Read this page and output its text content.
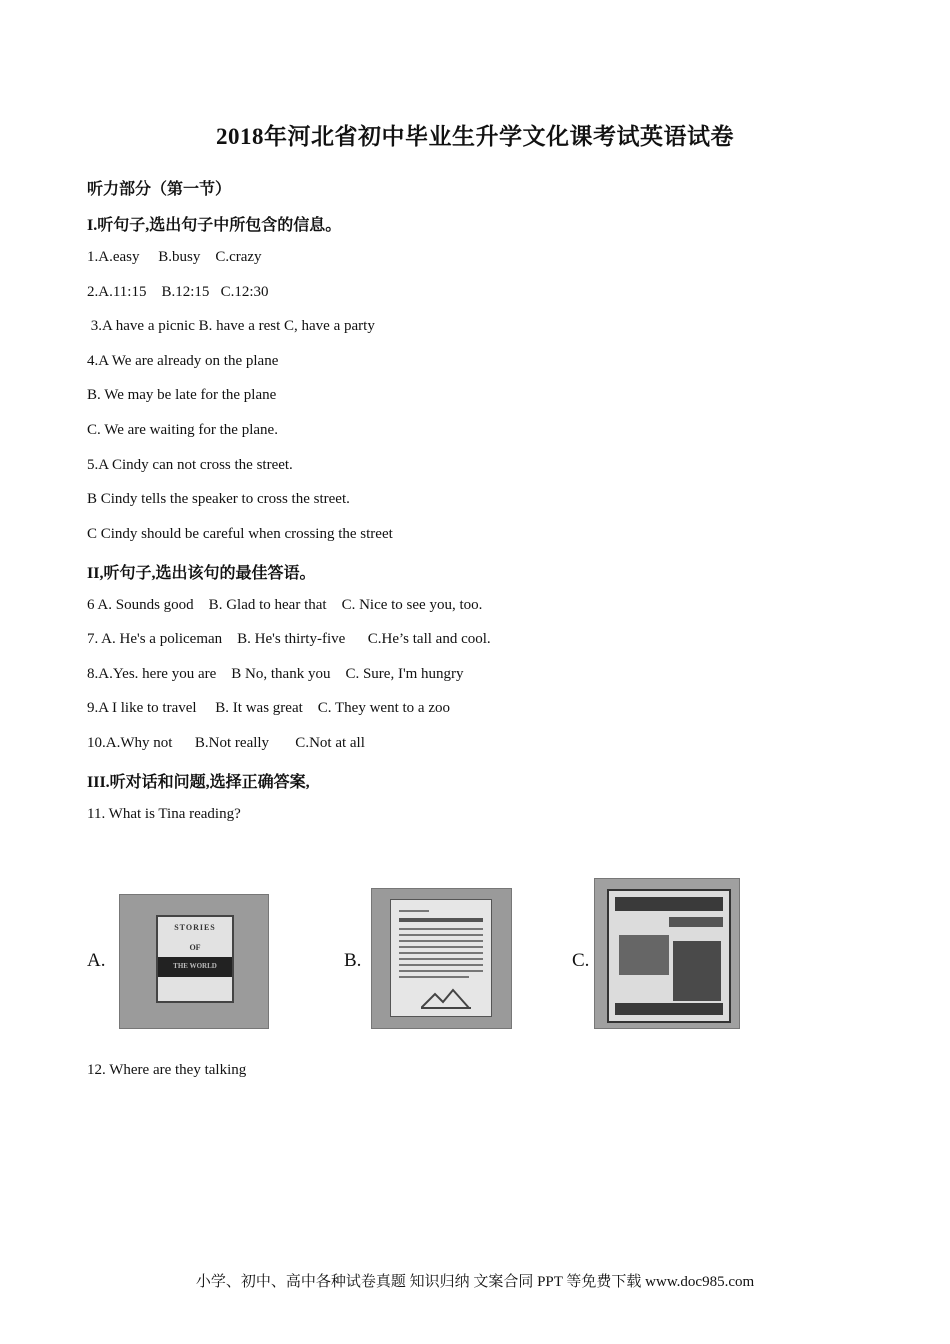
2018年河北省初中毕业生升学文化课考试英语试卷
听力部分（第一节）
I.听句子,选出句子中所包含的信息。
1.A.easy     B.busy    C.crazy
2.A.11:15    B.12:15   C.12:30
3.A have a picnic B. have a rest C, have a party
4.A We are already on the plane
B. We may be late for the plane
C. We are waiting for the plane.
5.A Cindy can not cross the street.
B Cindy tells the speaker to cross the street.
C Cindy should be careful when crossing the street
II,听句子,选出该句的最佳答语。
6 A. Sounds good    B. Glad to hear that    C. Nice to see you, too.
7. A. He's a policeman    B. He's thirty-five      C.He’s tall and cool.
8.A.Yes. here you are    B No, thank you    C. Sure, I'm hungry
9.A I like to travel     B. It was great    C. They went to a zoo
10.A.Why not      B.Not really       C.Not at all
III.听对话和问题,选择正确答案,
11. What is Tina reading?
A.	B.	C.
STORIES
OF
THE WORLD
12. Where are they talking
小学、初中、高中各种试卷真题 知识归纳 文案合同 PPT 等免费下载 www.doc985.com
